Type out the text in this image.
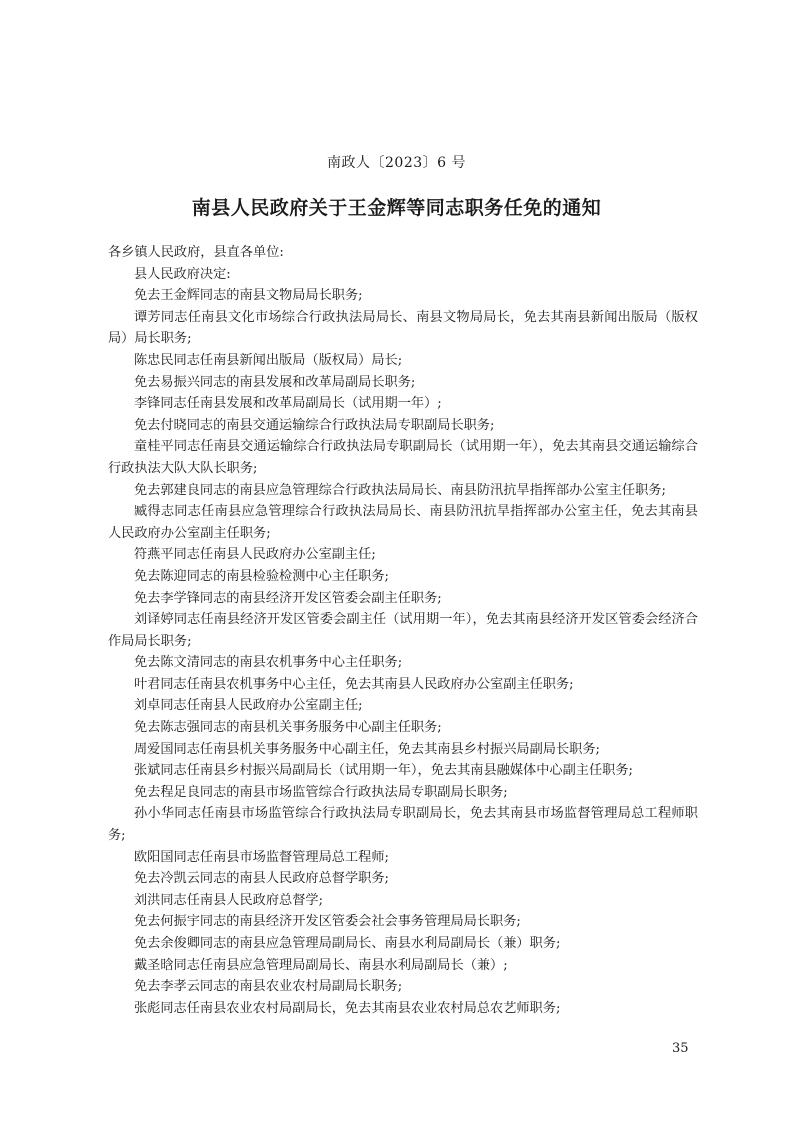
南政人〔2023〕6 号
南县人民政府关于王金辉等同志职务任免的通知

各乡镇人民政府，县直各单位:

县人民政府决定:

免去王金辉同志的南县文物局局长职务;

谭芳同志任南县文化市场综合行政执法局局长、南县文物局局长，免去其南县新闻出版局（版权局）局长职务;

陈忠民同志任南县新闻出版局（版权局）局长;

免去易振兴同志的南县发展和改革局副局长职务;

李锋同志任南县发展和改革局副局长（试用期一年）;

免去付晓同志的南县交通运输综合行政执法局专职副局长职务;

童桂平同志任南县交通运输综合行政执法局专职副局长（试用期一年），免去其南县交通运输综合行政执法大队大队长职务;

免去郭建良同志的南县应急管理综合行政执法局局长、南县防汛抗旱指挥部办公室主任职务;

臧得志同志任南县应急管理综合行政执法局局长、南县防汛抗旱指挥部办公室主任，免去其南县人民政府办公室副主任职务;

符燕平同志任南县人民政府办公室副主任;

免去陈迎同志的南县检验检测中心主任职务;

免去李学锋同志的南县经济开发区管委会副主任职务;

刘译婷同志任南县经济开发区管委会副主任（试用期一年），免去其南县经济开发区管委会经济合作局局长职务;

免去陈文清同志的南县农机事务中心主任职务;

叶君同志任南县农机事务中心主任，免去其南县人民政府办公室副主任职务;

刘卓同志任南县人民政府办公室副主任;

免去陈志强同志的南县机关事务服务中心副主任职务;

周爱国同志任南县机关事务服务中心副主任，免去其南县乡村振兴局副局长职务;

张斌同志任南县乡村振兴局副局长（试用期一年），免去其南县融媒体中心副主任职务;

免去程足良同志的南县市场监管综合行政执法局专职副局长职务;

孙小华同志任南县市场监管综合行政执法局专职副局长，免去其南县市场监督管理局总工程师职务;

欧阳国同志任南县市场监督管理局总工程师;

免去冷凯云同志的南县人民政府总督学职务;

刘洪同志任南县人民政府总督学;

免去何振宇同志的南县经济开发区管委会社会事务管理局局长职务;

免去余俊卿同志的南县应急管理局副局长、南县水利局副局长（兼）职务;

戴圣晗同志任南县应急管理局副局长、南县水利局副局长（兼）;

免去李孝云同志的南县农业农村局副局长职务;

张彪同志任南县农业农村局副局长，免去其南县农业农村局总农艺师职务;

35
